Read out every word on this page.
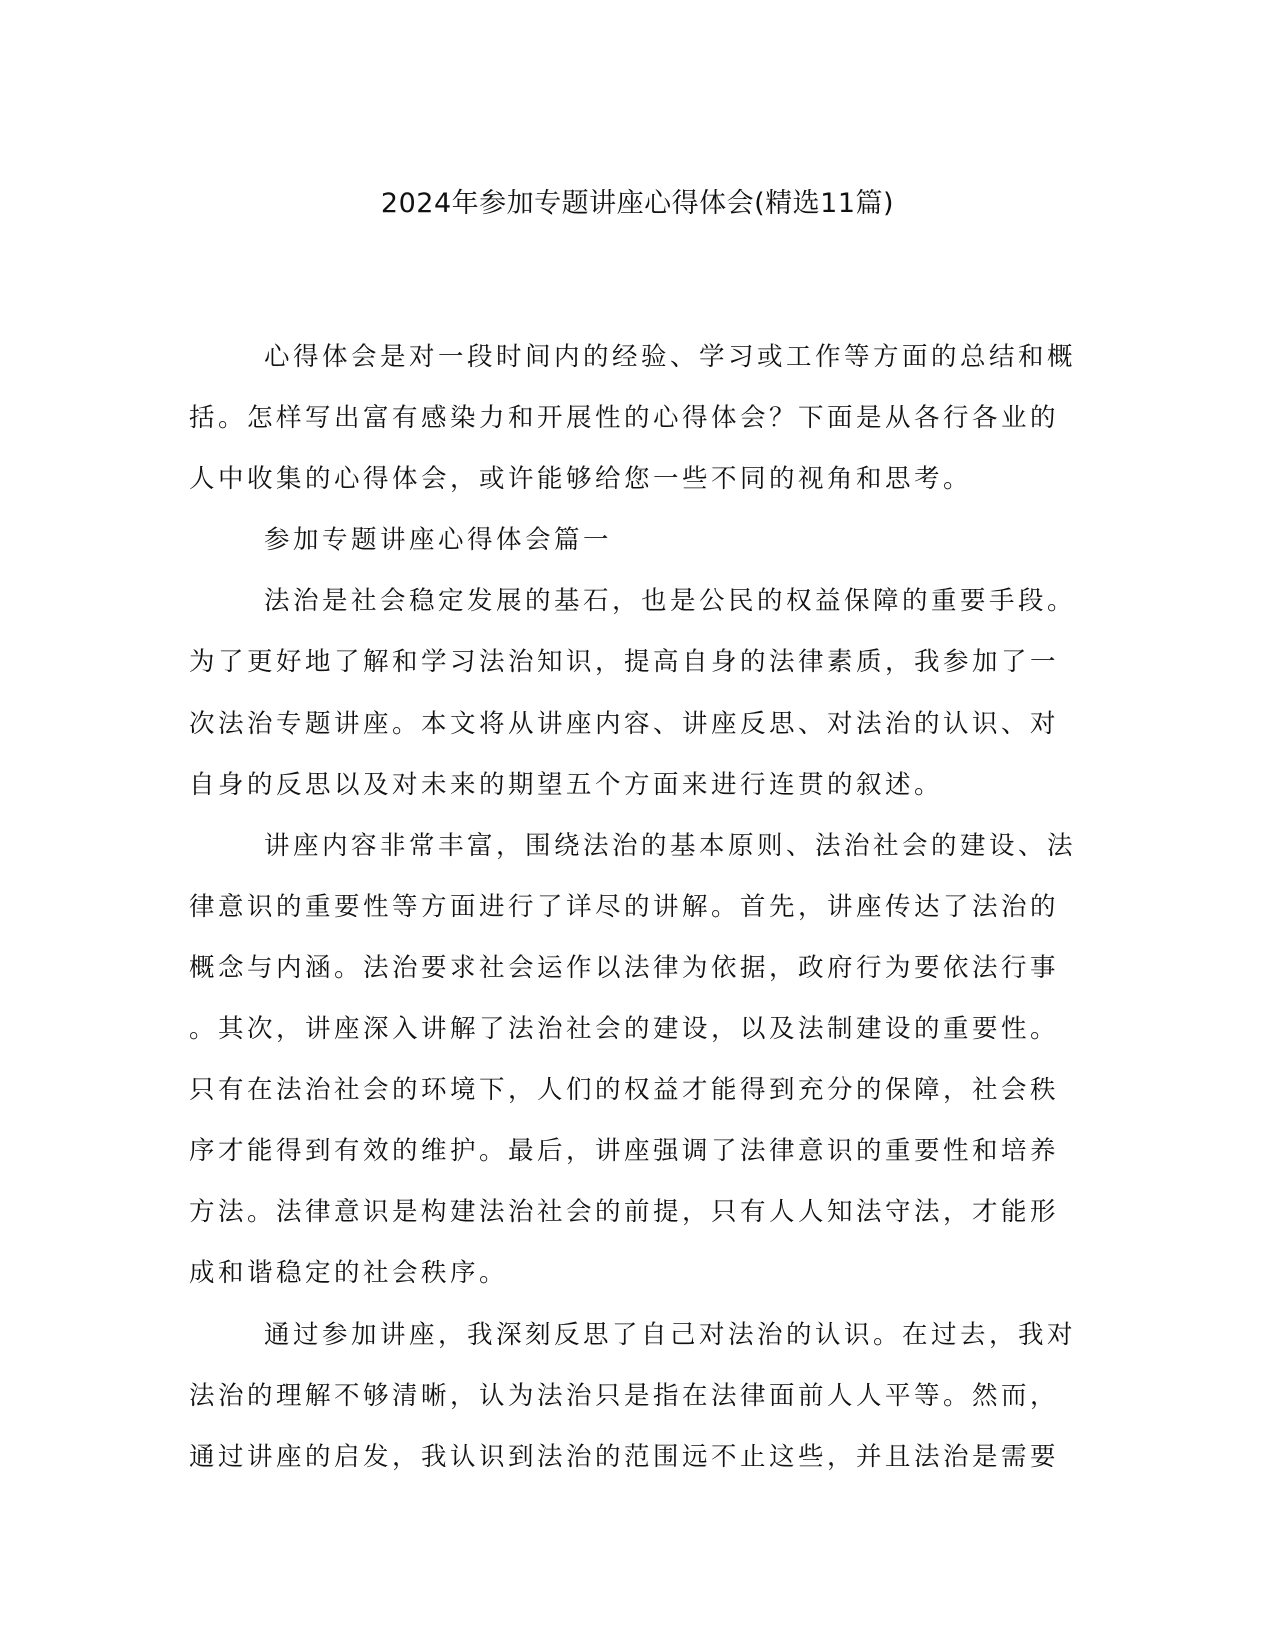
2024年参加专题讲座心得体会(精选11篇)
心得体会是对一段时间内的经验、学习或工作等方面的总结和概
括。怎样写出富有感染力和开展性的心得体会？下面是从各行各业的
人中收集的心得体会，或许能够给您一些不同的视角和思考。
参加专题讲座心得体会篇一
法治是社会稳定发展的基石，也是公民的权益保障的重要手段。
为了更好地了解和学习法治知识，提高自身的法律素质，我参加了一
次法治专题讲座。本文将从讲座内容、讲座反思、对法治的认识、对
自身的反思以及对未来的期望五个方面来进行连贯的叙述。
讲座内容非常丰富，围绕法治的基本原则、法治社会的建设、法
律意识的重要性等方面进行了详尽的讲解。首先，讲座传达了法治的
概念与内涵。法治要求社会运作以法律为依据，政府行为要依法行事
。其次，讲座深入讲解了法治社会的建设，以及法制建设的重要性。
只有在法治社会的环境下，人们的权益才能得到充分的保障，社会秩
序才能得到有效的维护。最后，讲座强调了法律意识的重要性和培养
方法。法律意识是构建法治社会的前提，只有人人知法守法，才能形
成和谐稳定的社会秩序。
通过参加讲座，我深刻反思了自己对法治的认识。在过去，我对
法治的理解不够清晰，认为法治只是指在法律面前人人平等。然而，
通过讲座的启发，我认识到法治的范围远不止这些，并且法治是需要
